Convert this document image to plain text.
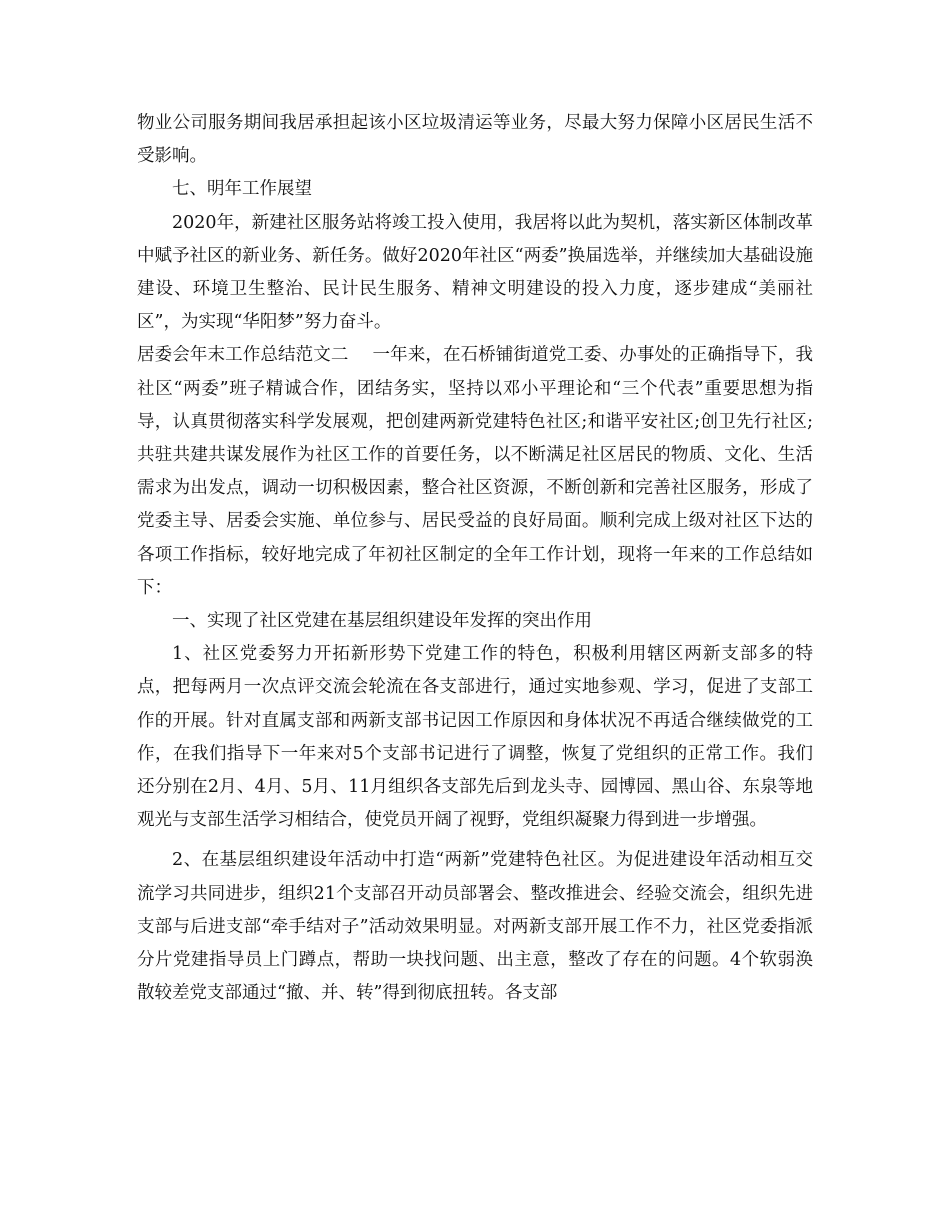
物业公司服务期间我居承担起该小区垃圾清运等业务，尽最大努力保障小区居民生活不受影响。

七、明年工作展望

2020年，新建社区服务站将竣工投入使用，我居将以此为契机，落实新区体制改革中赋予社区的新业务、新任务。做好2020年社区“两委”换届选举，并继续加大基础设施建设、环境卫生整治、民计民生服务、精神文明建设的投入力度，逐步建成“美丽社区”，为实现“华阳梦”努力奋斗。

居委会年末工作总结范文二 一年来，在石桥铺街道党工委、办事处的正确指导下，我社区“两委”班子精诚合作，团结务实，坚持以邓小平理论和“三个代表”重要思想为指导，认真贯彻落实科学发展观，把创建两新党建特色社区;和谐平安社区;创卫先行社区;共驻共建共谋发展作为社区工作的首要任务，以不断满足社区居民的物质、文化、生活需求为出发点，调动一切积极因素，整合社区资源，不断创新和完善社区服务，形成了党委主导、居委会实施、单位参与、居民受益的良好局面。顺利完成上级对社区下达的各项工作指标，较好地完成了年初社区制定的全年工作计划，现将一年来的工作总结如下：

一、实现了社区党建在基层组织建设年发挥的突出作用

1、社区党委努力开拓新形势下党建工作的特色，积极利用辖区两新支部多的特点，把每两月一次点评交流会轮流在各支部进行，通过实地参观、学习，促进了支部工作的开展。针对直属支部和两新支部书记因工作原因和身体状况不再适合继续做党的工作，在我们指导下一年来对5个支部书记进行了调整，恢复了党组织的正常工作。我们还分别在2月、4月、5月、11月组织各支部先后到龙头寺、园博园、黑山谷、东泉等地观光与支部生活学习相结合，使党员开阔了视野，党组织凝聚力得到进一步增强。

2、在基层组织建设年活动中打造“两新”党建特色社区。为促进建设年活动相互交流学习共同进步，组织21个支部召开动员部署会、整改推进会、经验交流会，组织先进支部与后进支部“牵手结对子”活动效果明显。对两新支部开展工作不力，社区党委指派分片党建指导员上门蹲点，帮助一块找问题、出主意，整改了存在的问题。4个软弱涣散较差党支部通过“撤、并、转”得到彻底扭转。各支部
